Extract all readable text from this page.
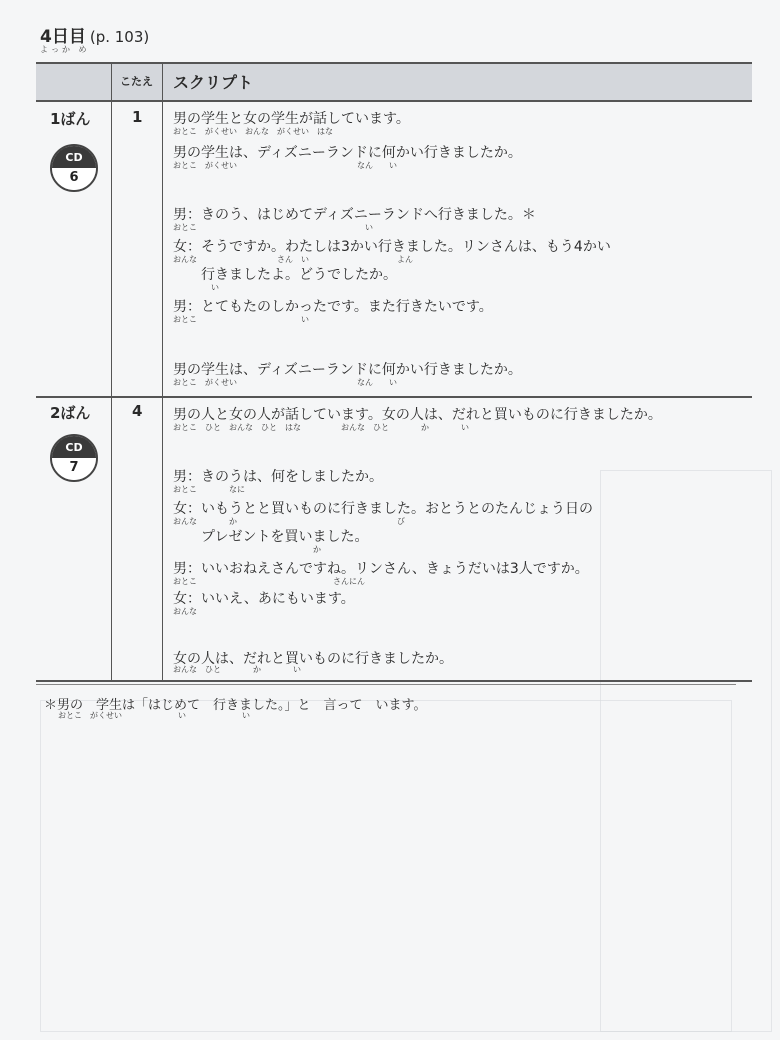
4日目 (p. 103)
よっか め
こたえ スクリプト
1ばん
CD
6
1 男の学生と女の学生が話しています。
おとこ　がくせい　おんな　がくせい　はな
男の学生は、ディズニーランドに何かい行きましたか。
おとこ　がくせい　　　　　　　　　　　　　　　なん　　い
男：きのう、はじめてディズニーランドへ行きました。＊
おとこ　　　　　　　　　　　　　　　　　　　　　い
女：そうですか。わたしは3かい行きました。リンさんは、もう4かい
おんな　　　　　　　　　　さん　い　　　　　　　　　　　よん
　　行きましたよ。どうでしたか。
い
男：とてもたのしかったです。また行きたいです。
おとこ　　　　　　　　　　　　　い
男の学生は、ディズニーランドに何かい行きましたか。
おとこ　がくせい　　　　　　　　　　　　　　　なん　　い
2ばん
CD
7
4 男の人と女の人が話しています。女の人は、だれと買いものに行きましたか。
おとこ　ひと　おんな　ひと　はな　　　　　おんな　ひと　　　　か　　　　い
男：きのうは、何をしましたか。
おとこ　　　　なに
女：いもうとと買いものに行きました。おとうとのたんじょう日の
おんな　　　　か　　　　　　　　　　　　　　　　　　　　び
　　プレゼントを買いました。
か
男：いいおねえさんですね。リンさん、きょうだいは3人ですか。
おとこ　　　　　　　　　　　　　　　　　さんにん
女：いいえ、あにもいます。
おんな
女の人は、だれと買いものに行きましたか。
おんな　ひと　　　　か　　　　い
＊男の　学生は「はじめて　行きました。」と　言って　います。
おとこ　がくせい　　　　　　　い　　　　　　　い
